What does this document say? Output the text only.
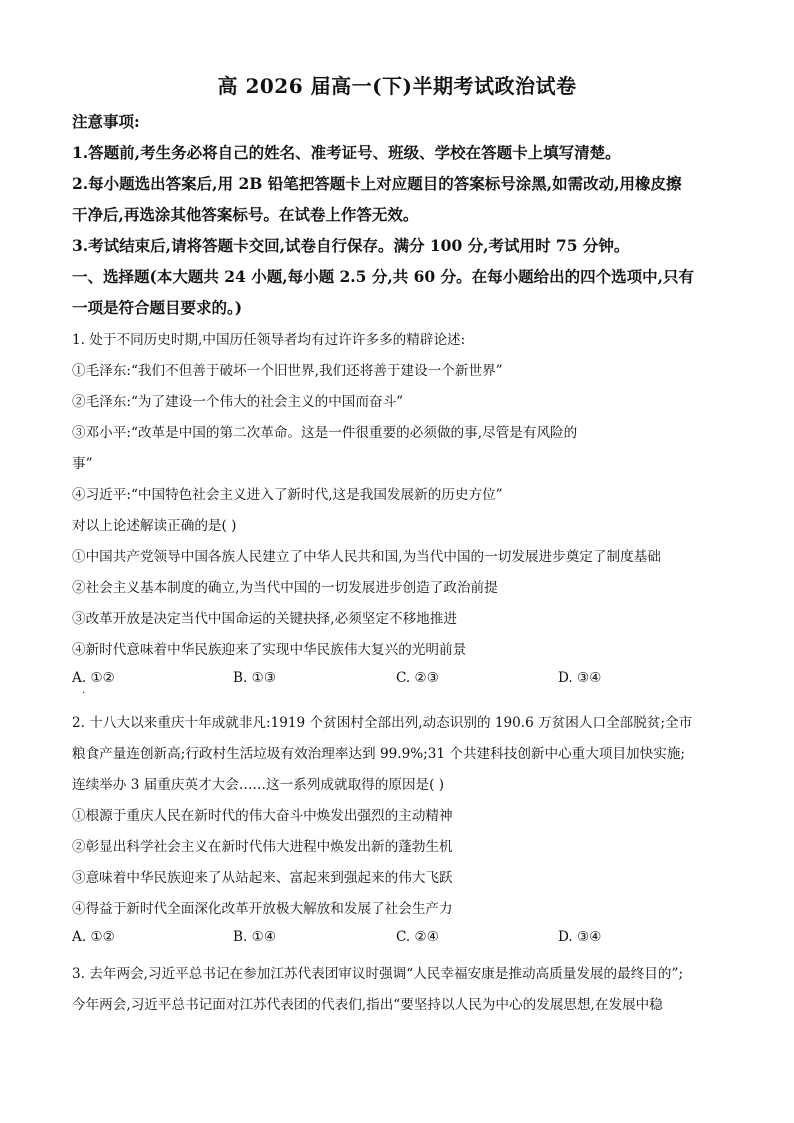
高 2026 届高一(下)半期考试政治试卷
注意事项:
1.答题前,考生务必将自己的姓名、准考证号、班级、学校在答题卡上填写清楚。
2.每小题选出答案后,用 2B 铅笔把答题卡上对应题目的答案标号涂黑,如需改动,用橡皮擦
干净后,再选涂其他答案标号。在试卷上作答无效。
3.考试结束后,请将答题卡交回,试卷自行保存。满分 100 分,考试用时 75 分钟。
一、选择题(本大题共 24 小题,每小题 2.5 分,共 60 分。在每小题给出的四个选项中,只有
一项是符合题目要求的。)
1. 处于不同历史时期,中国历任领导者均有过许许多多的精辟论述:
①毛泽东:“我们不但善于破坏一个旧世界,我们还将善于建设一个新世界”
②毛泽东:“为了建设一个伟大的社会主义的中国而奋斗”
③邓小平:“改革是中国的第二次革命。这是一件很重要的必须做的事,尽管是有风险的
事”
④习近平:“中国特色社会主义进入了新时代,这是我国发展新的历史方位”
对以上论述解读正确的是( )
①中国共产党领导中国各族人民建立了中华人民共和国,为当代中国的一切发展进步奠定了制度基础
②社会主义基本制度的确立,为当代中国的一切发展进步创造了政治前提
③改革开放是决定当代中国命运的关键抉择,必须坚定不移地推进
④新时代意味着中华民族迎来了实现中华民族伟大复兴的光明前景
A. ①②	B. ①③	C. ②③	D. ③④
·
2. 十八大以来重庆十年成就非凡:1919 个贫困村全部出列,动态识别的 190.6 万贫困人口全部脱贫;全市
粮食产量连创新高;行政村生活垃圾有效治理率达到 99.9%;31 个共建科技创新中心重大项目加快实施;
连续举办 3 届重庆英才大会……这一系列成就取得的原因是( )
①根源于重庆人民在新时代的伟大奋斗中焕发出强烈的主动精神
②彰显出科学社会主义在新时代伟大进程中焕发出新的蓬勃生机
③意味着中华民族迎来了从站起来、富起来到强起来的伟大飞跃
④得益于新时代全面深化改革开放极大解放和发展了社会生产力
A. ①②	B. ①④	C. ②④	D. ③④
3. 去年两会,习近平总书记在参加江苏代表团审议时强调“人民幸福安康是推动高质量发展的最终目的”;
今年两会,习近平总书记面对江苏代表团的代表们,指出“要坚持以人民为中心的发展思想,在发展中稳
